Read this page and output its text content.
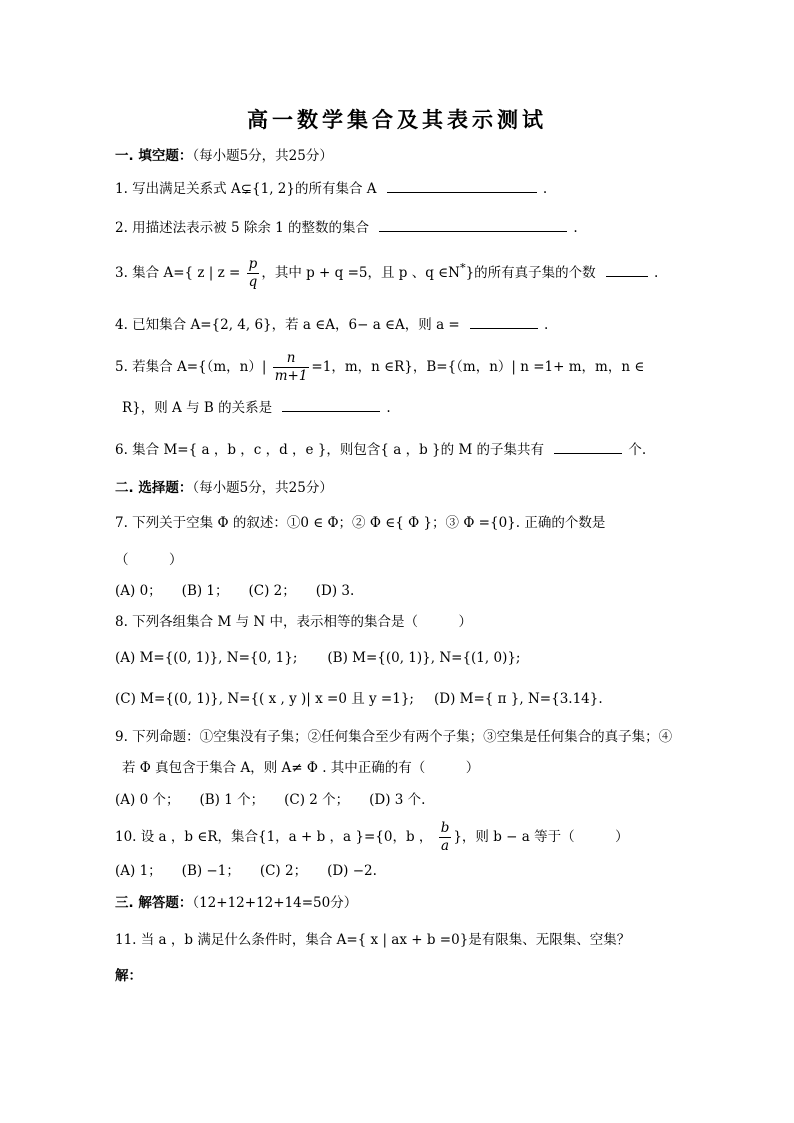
高一数学集合及其表示测试
一. 填空题：（每小题5分，共25分）
1. 写出满足关系式 A⊊{1, 2}的所有集合 A	.
2. 用描述法表示被 5 除余 1 的整数的集合	.
3. 集合 A={ z | $z = \frac{p}{q}$ ，其中 p + q =5，且 p 、q ∈N*}的所有真子集的个数	.
4. 已知集合 A={2, 4, 6}，若 a ∈A，6− a ∈A，则 a =	.
5. 若集合 A={（m，$n)| \frac{n}{m+1} =1$，m，n ∈R}，B={（m，n）| n =1+ m，m，n ∈
R}，则 A 与 B 的关系是	.
6. 集合 M={ a ，b ，c ，d ，e }，则包含{ a ，b }的 M 的子集共有	个.
二. 选择题：（每小题5分，共25分）
7. 下列关于空集 Φ 的叙述：①0 ∈ Φ；② Φ ∈{ Φ }；③ Φ ={0}. 正确的个数是
（　　　）
(A) 0； (B) 1； (C) 2； (D) 3.
8. 下列各组集合 M 与 N 中，表示相等的集合是（　　　）
(A) M={(0, 1)}, N={0, 1}; (B) M={(0, 1)}, N={(1, 0)};
(C) M={(0, 1)}, N={( x , y )| x =0 且 y =1}; (D) M={ π }, N={3.14}.
9. 下列命题：①空集没有子集；②任何集合至少有两个子集；③空集是任何集合的真子集；④
若 Φ 真包含于集合 A，则 A≠ Φ . 其中正确的有（　　　）
(A) 0 个； (B) 1 个； (C) 2 个； (D) 3 个.
10. 设 a ，b ∈R，集合{1，a + b ，a }={0，b ， $\frac{b}{a}$ }，则 b − a 等于（　　　）
(A) 1； (B) −1； (C) 2； (D) −2.
三. 解答题：（12+12+12+14=50分）
11. 当 a ，b 满足什么条件时，集合 A={ x | ax + b =0}是有限集、无限集、空集？
解：
